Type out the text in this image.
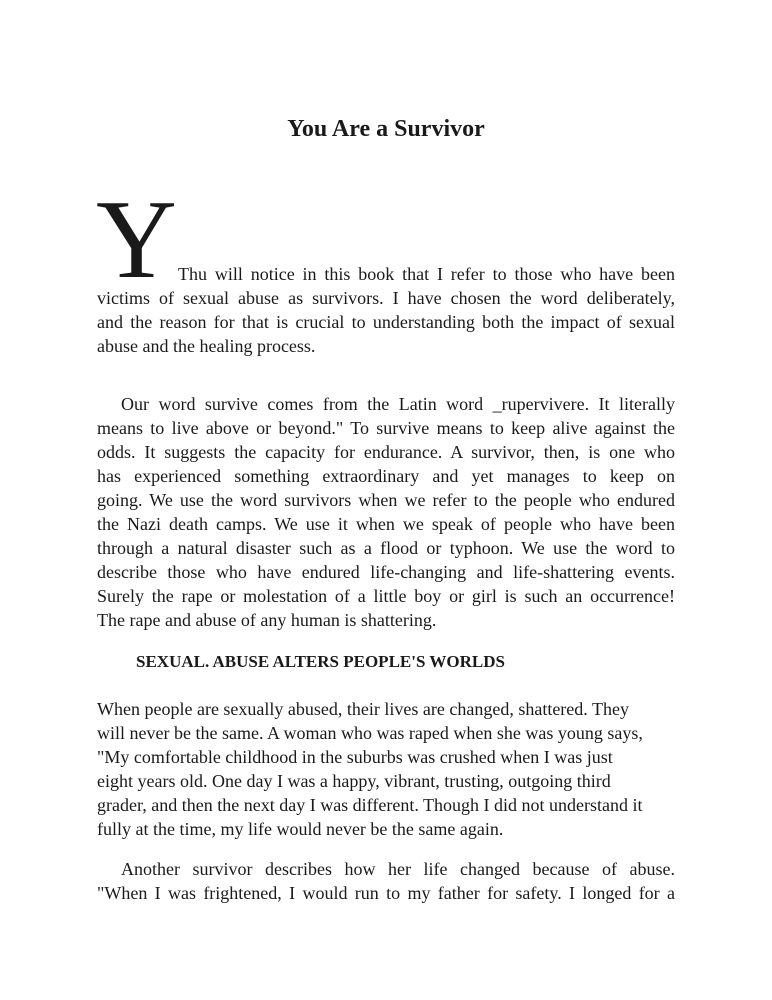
You Are a Survivor
Y Thu will notice in this book that I refer to those who have been
victims of sexual abuse as survivors. I have chosen the word deliberately,
and the reason for that is crucial to understanding both the impact of sexual
abuse and the healing process.

Our word survive comes from the Latin word _rupervivere. It literally
means to live above or beyond." To survive means to keep alive against the
odds. It suggests the capacity for endurance. A survivor, then, is one who
has experienced something extraordinary and yet manages to keep on
going. We use the word survivors when we refer to the people who endured
the Nazi death camps. We use it when we speak of people who have been
through a natural disaster such as a flood or typhoon. We use the word to
describe those who have endured life-changing and life-shattering events.
Surely the rape or molestation of a little boy or girl is such an occurrence!
The rape and abuse of any human is shattering.

SEXUAL. ABUSE ALTERS PEOPLE'S WORLDS

When people are sexually abused, their lives are changed, shattered. They
will never be the same. A woman who was raped when she was young says,
"My comfortable childhood in the suburbs was crushed when I was just
eight years old. One day I was a happy, vibrant, trusting, outgoing third
grader, and then the next day I was different. Though I did not understand it
fully at the time, my life would never be the same again.

Another survivor describes how her life changed because of abuse.
"When I was frightened, I would run to my father for safety. I longed for a
